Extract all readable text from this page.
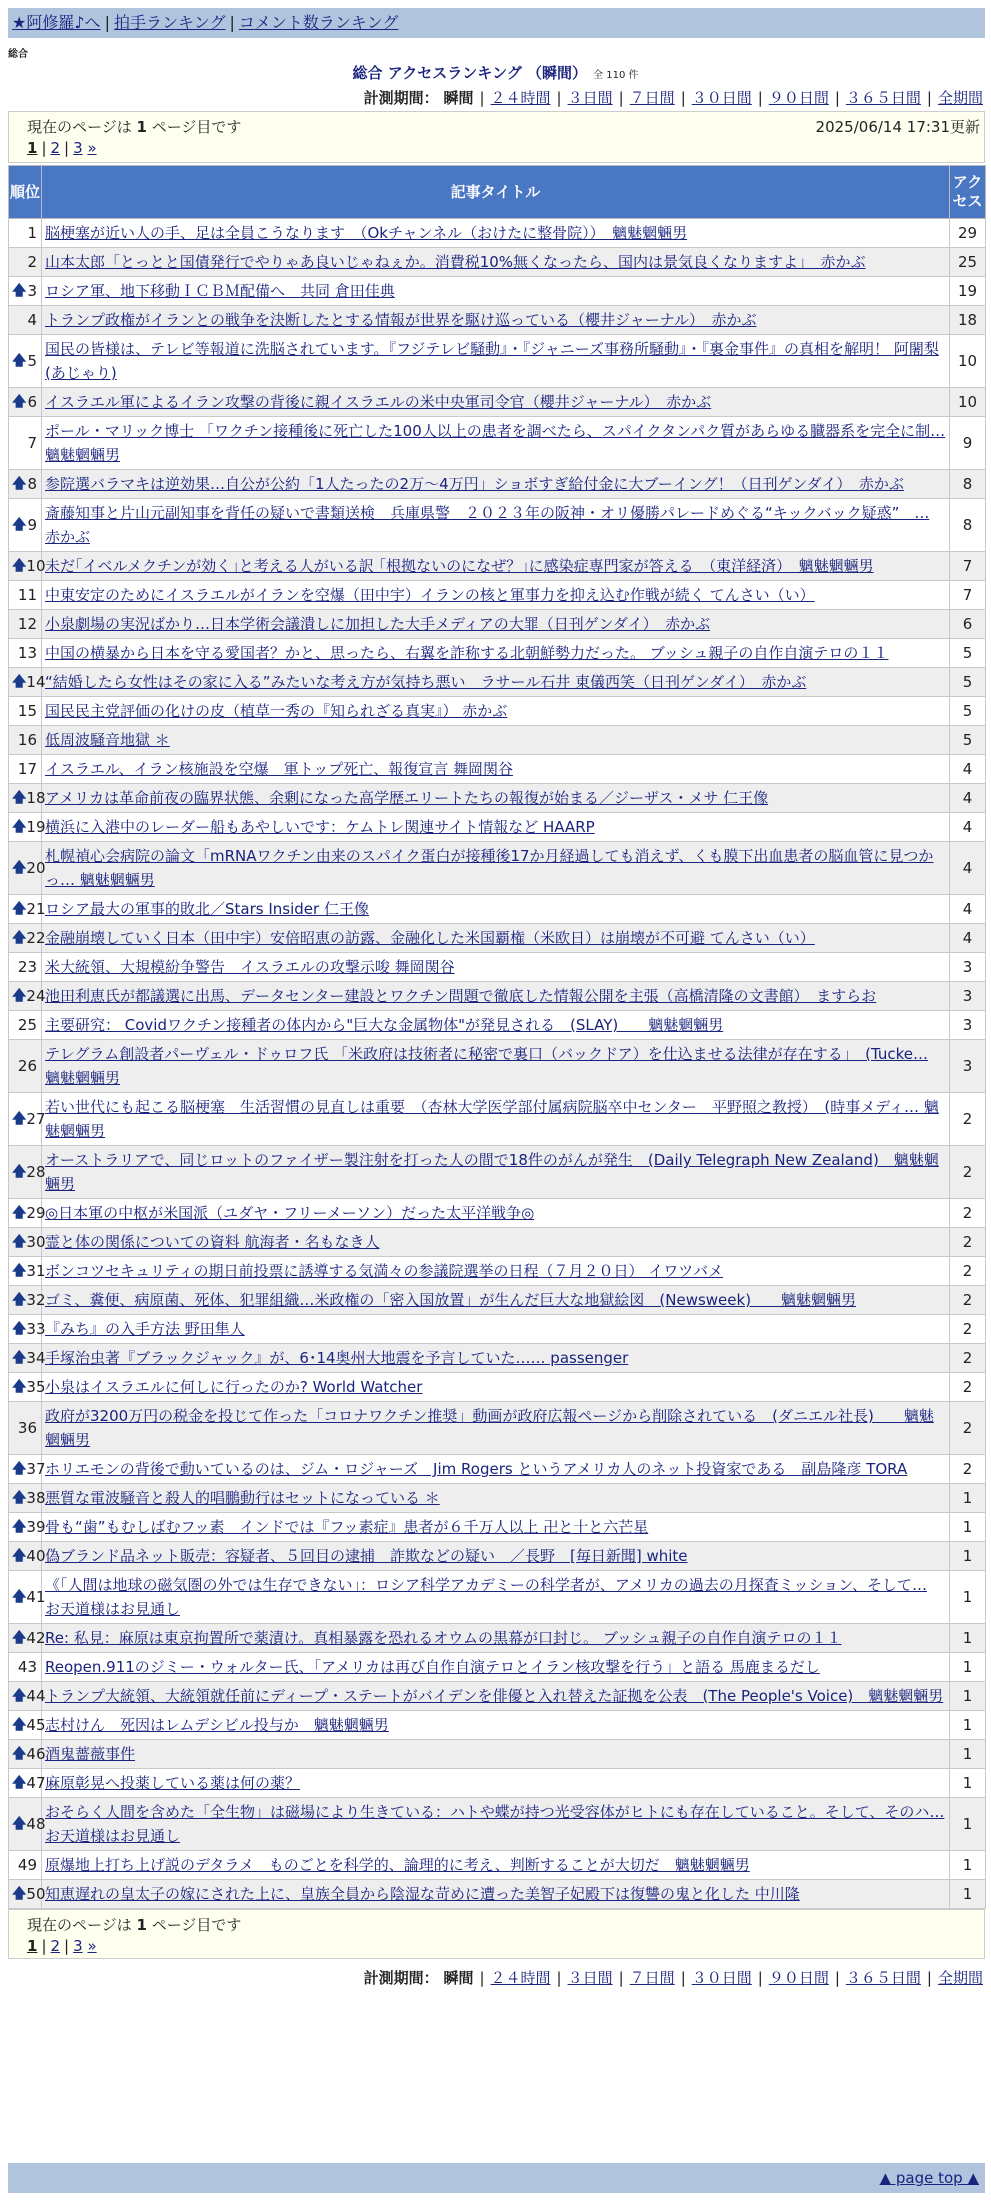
★阿修羅♪へ | 拍手ランキング | コメント数ランキング
総合
総合 アクセスランキング （瞬間） 全 110 件
計測期間： 瞬間 | ２４時間 | ３日間 | ７日間 | ３０日間 | ９０日間 | ３６５日間 | 全期間
現在のページは 1 ページ目です	2025/06/14 17:31更新
1 | 2 | 3 »
順位	記事タイトル	アクセス
1	脳梗塞が近い人の手、足は全員こうなります　（Okチャンネル（おけたに整骨院））　魑魅魍魎男	29
2	山本太郎「とっとと国債発行でやりゃあ良いじゃねぇか。消費税10%無くなったら、国内は景気良くなりますよ」　赤かぶ	25

🡅 3	ロシア軍、地下移動ＩＣＢＭ配備へ　共同 倉田佳典	19
4	トランプ政権がイランとの戦争を決断したとする情報が世界を駆け巡っている（櫻井ジャーナル）　赤かぶ	18

🡅 5	国民の皆様は、テレビ等報道に洗脳されています。『フジテレビ騒動』・『ジャニーズ事務所騒動』・『裏金事件』の真相を解明！ 阿闍梨(あじゃり)	10

🡅 6	イスラエル軍によるイラン攻撃の背後に親イスラエルの米中央軍司令官（櫻井ジャーナル）　赤かぶ	10
7	ポール・マリック博士 「ワクチン接種後に死亡した100人以上の患者を調べたら、スパイクタンパク質があらゆる臓器系を完全に制… 魑魅魍魎男	9

🡅 8	参院選バラマキは逆効果…自公が公約「1人たったの2万〜4万円」ショボすぎ給付金に大ブーイング！（日刊ゲンダイ）　赤かぶ	8

🡅 9	斎藤知事と片山元副知事を背任の疑いで書類送検　兵庫県警　２０２３年の阪神・オリ優勝パレードめぐる“キックバック疑惑”　… 赤かぶ	8

🡅 10	未だ｢イベルメクチンが効く｣と考える人がいる訳 ｢根拠ないのになぜ？｣に感染症専門家が答える　（東洋経済）　魑魅魍魎男	7
11	中東安定のためにイスラエルがイランを空爆（田中宇）イランの核と軍事力を抑え込む作戦が続く てんさい（い）	7
12	小泉劇場の実況ばかり…日本学術会議潰しに加担した大手メディアの大罪（日刊ゲンダイ）　赤かぶ	6
13	中国の横暴から日本を守る愛国者？かと、思ったら、右翼を詐称する北朝鮮勢力だった。 ブッシュ親子の自作自演テロの１１	5

🡅 14	“結婚したら女性はその家に入る”みたいな考え方が気持ち悪い　ラサール石井 東儀西笑（日刊ゲンダイ）　赤かぶ	5
15	国民民主党評価の化けの皮（植草一秀の『知られざる真実』） 赤かぶ	5
16	低周波騒音地獄 ＊	5
17	イスラエル、イラン核施設を空爆　軍トップ死亡、報復宣言 舞岡関谷	4

🡅 18	アメリカは革命前夜の臨界状態、余剰になった高学歴エリートたちの報復が始まる／ジーザス・メサ 仁王像	4

🡅 19	横浜に入港中のレーダー船もあやしいです：ケムトレ関連サイト情報など HAARP	4

🡅 20	札幌禎心会病院の論文「mRNAワクチン由来のスパイク蛋白が接種後17か月経過しても消えず、くも膜下出血患者の脳血管に見つかっ… 魑魅魍魎男	4

🡅 21	ロシア最大の軍事的敗北／Stars Insider 仁王像	4

🡅 22	金融崩壊していく日本（田中宇）安倍昭恵の訪露、金融化した米国覇権（米欧日）は崩壊が不可避 てんさい（い）	4
23	米大統領、大規模紛争警告　イスラエルの攻撃示唆 舞岡関谷	3

🡅 24	池田利恵氏が都議選に出馬、データセンター建設とワクチン問題で徹底した情報公開を主張（高橋清隆の文書館）　ますらお	3
25	主要研究： Covidワクチン接種者の体内から"巨大な金属物体"が発見される　(SLAY)　　魑魅魍魎男	3
26	テレグラム創設者パーヴェル・ドゥロフ氏 「米政府は技術者に秘密で裏口（バックドア）を仕込ませる法律が存在する」　(Tucke… 魑魅魍魎男	3

🡅 27	若い世代にも起こる脳梗塞　生活習慣の見直しは重要　（杏林大学医学部付属病院脳卒中センター　平野照之教授）　(時事メディ… 魑魅魍魎男	2

🡅 28	オーストラリアで、同じロットのファイザー製注射を打った人の間で18件のがんが発生　(Daily Telegraph New Zealand)　魑魅魍魎男	2

🡅 29	◎日本軍の中枢が米国派（ユダヤ・フリーメーソン）だった太平洋戦争◎	2

🡅 30	霊と体の関係についての資料 航海者・名もなき人	2

🡅 31	ボンコツセキュリティの期日前投票に誘導する気満々の参議院選挙の日程（７月２０日） イワツバメ	2

🡅 32	ゴミ、糞便、病原菌、死体、犯罪組織…米政権の「密入国放置」が生んだ巨大な地獄絵図　(Newsweek)　　魑魅魍魎男	2

🡅 33	『みち』の入手方法 野田隼人	2

🡅 34	手塚治虫著『ブラックジャック』が、6･14奥州大地震を予言していた…… passenger	2

🡅 35	小泉はイスラエルに何しに行ったのか? World Watcher	2
36	政府が3200万円の税金を投じて作った「コロナワクチン推奨」動画が政府広報ページから削除されている　(ダニエル社長)　　魑魅魍魎男	2

🡅 37	ホリエモンの背後で動いているのは、ジム・ロジャーズ　Jim Rogers というアメリカ人のネット投資家である　副島隆彦 TORA	2

🡅 38	悪質な電波騒音と殺人的唱鵬動行はセットになっている ＊	1

🡅 39	骨も“歯”もむしばむフッ素　インドでは『フッ素症』患者が６千万人以上 卍と十と六芒星	1

🡅 40	偽ブランド品ネット販売：容疑者、５回目の逮捕　詐欺などの疑い　／長野　[毎日新聞] white	1

🡅 41	《「人間は地球の磁気圏の外では生存できない」：ロシア科学アカデミーの科学者が、アメリカの過去の月探査ミッション、そして… お天道様はお見通し	1

🡅 42	Re: 私見：麻原は東京拘置所で薬漬け。真相暴露を恐れるオウムの黒幕が口封じ。 ブッシュ親子の自作自演テロの１１	1
43	Reopen.911のジミー・ウォルター氏、「アメリカは再び自作自演テロとイラン核攻撃を行う」と語る 馬鹿まるだし	1

🡅 44	トランプ大統領、大統領就任前にディープ・ステートがバイデンを俳優と入れ替えた証拠を公表　(The People's Voice)　魑魅魍魎男	1

🡅 45	志村けん　死因はレムデシビル投与か　魑魅魍魎男	1

🡅 46	酒鬼薔薇事件	1

🡅 47	麻原彰晃へ投薬している薬は何の薬？	1

🡅 48	おそらく人間を含めた「全生物」は磁場により生きている：ハトや蝶が持つ光受容体がヒトにも存在していること。そして、そのハ… お天道様はお見通し	1
49	原爆地上打ち上げ説のデタラメ　ものごとを科学的、論理的に考え、判断することが大切だ　魑魅魍魎男	1

🡅 50	知恵遅れの皇太子の嫁にされた上に、皇族全員から陰湿な苛めに遭った美智子妃殿下は復讐の鬼と化した 中川隆	1
現在のページは 1 ページ目です
1 | 2 | 3 »
計測期間： 瞬間 | ２４時間 | ３日間 | ７日間 | ３０日間 | ９０日間 | ３６５日間 | 全期間
▲ page top ▲
